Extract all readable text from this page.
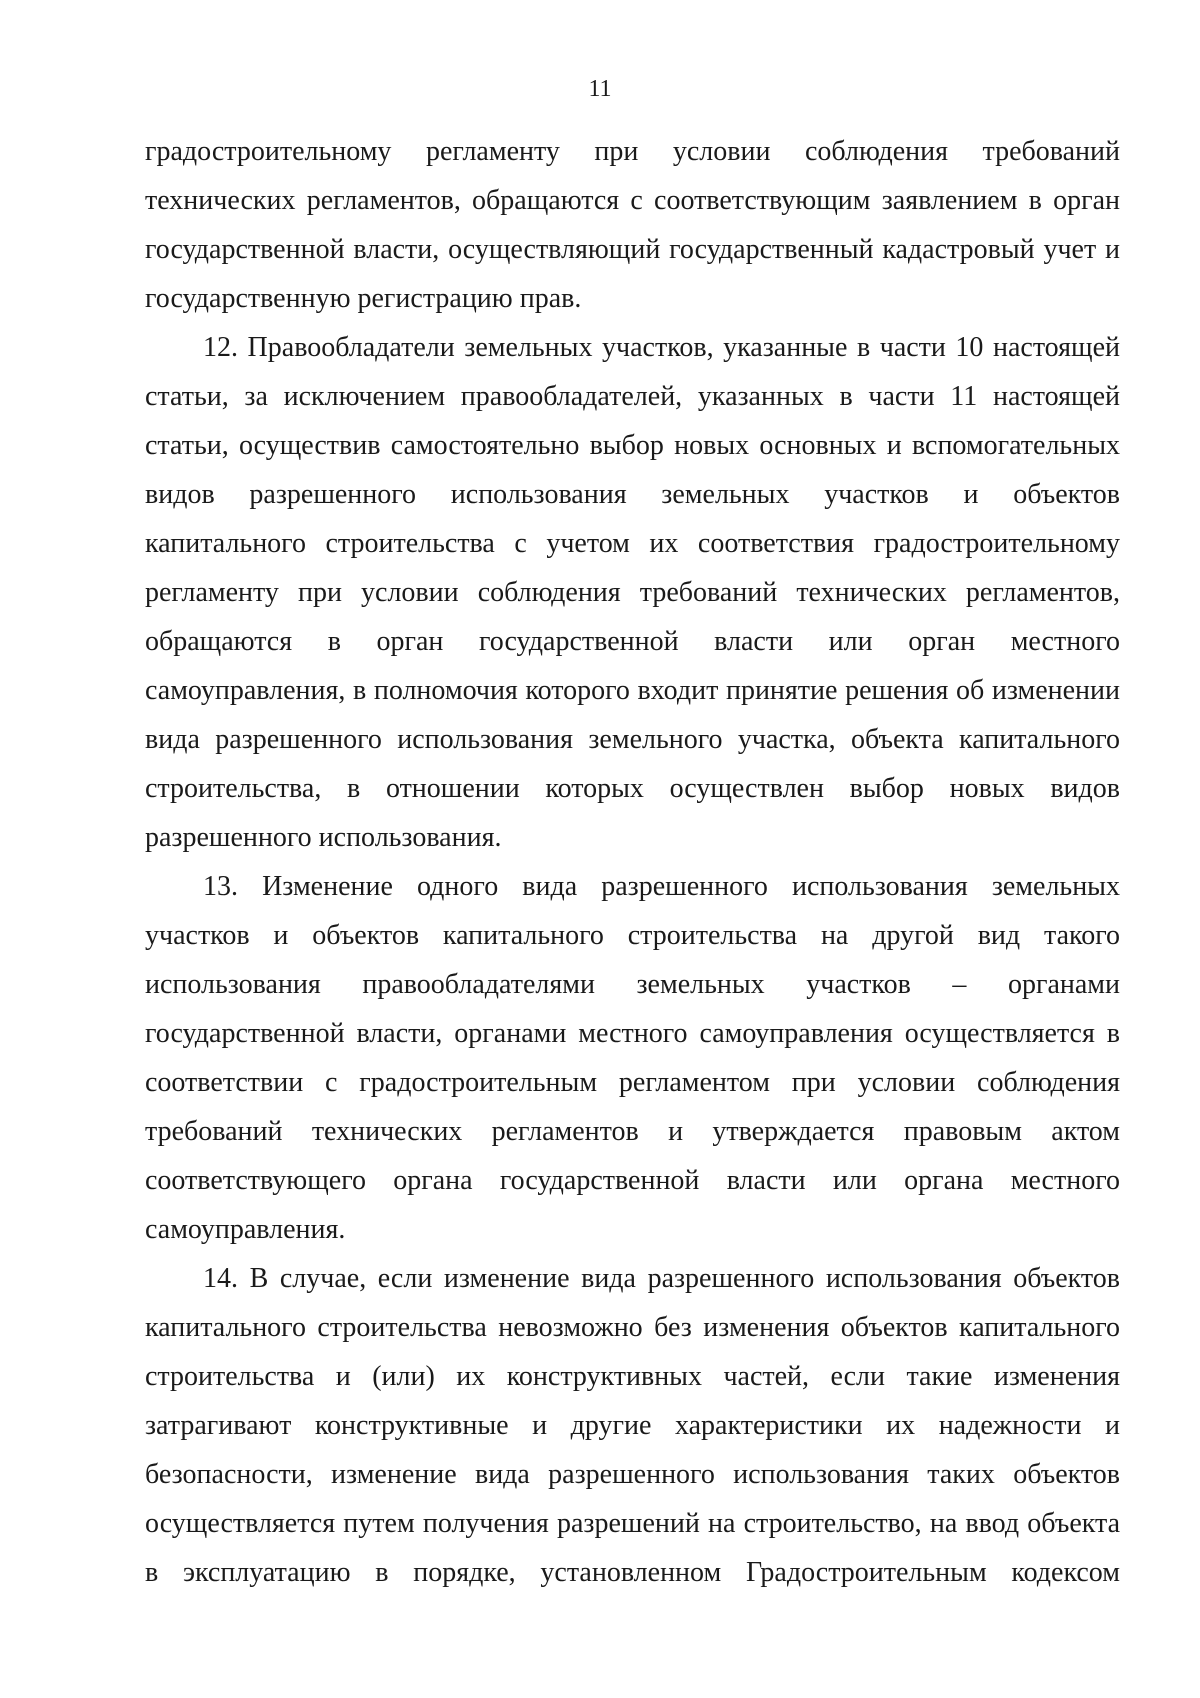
11

градостроительному регламенту при условии соблюдения требований технических регламентов, обращаются с соответствующим заявлением в орган государственной власти, осуществляющий государственный кадастровый учет и государственную регистрацию прав.

12. Правообладатели земельных участков, указанные в части 10 настоящей статьи, за исключением правообладателей, указанных в части 11 настоящей статьи, осуществив самостоятельно выбор новых основных и вспомогательных видов разрешенного использования земельных участков и объектов капитального строительства с учетом их соответствия градостроительному регламенту при условии соблюдения требований технических регламентов, обращаются в орган государственной власти или орган местного самоуправления, в полномочия которого входит принятие решения об изменении вида разрешенного использования земельного участка, объекта капитального строительства, в отношении которых осуществлен выбор новых видов разрешенного использования.

13. Изменение одного вида разрешенного использования земельных участков и объектов капитального строительства на другой вид такого использования правообладателями земельных участков – органами государственной власти, органами местного самоуправления осуществляется в соответствии с градостроительным регламентом при условии соблюдения требований технических регламентов и утверждается правовым актом соответствующего органа государственной власти или органа местного самоуправления.

14. В случае, если изменение вида разрешенного использования объектов капитального строительства невозможно без изменения объектов капитального строительства и (или) их конструктивных частей, если такие изменения затрагивают конструктивные и другие характеристики их надежности и безопасности, изменение вида разрешенного использования таких объектов осуществляется путем получения разрешений на строительство, на ввод объекта в эксплуатацию в порядке, установленном Градостроительным кодексом
